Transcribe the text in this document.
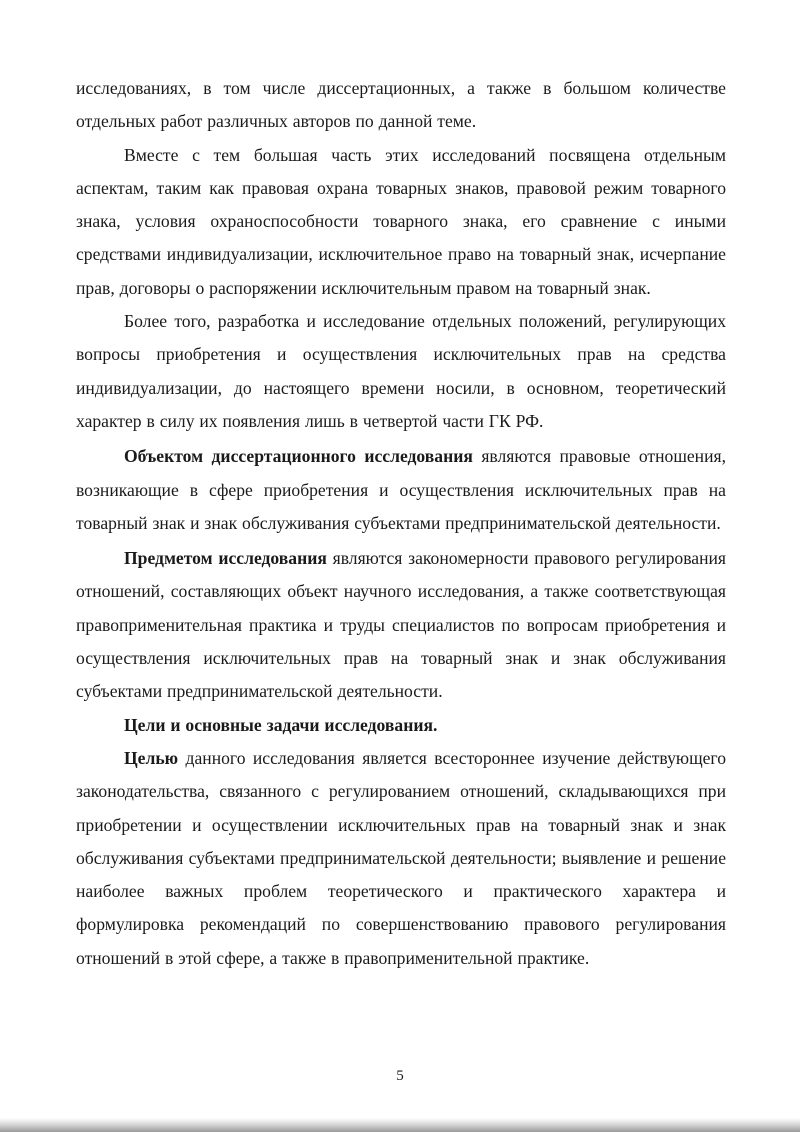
исследованиях, в том числе диссертационных, а также в большом количестве отдельных работ различных авторов по данной теме.

Вместе с тем большая часть этих исследований посвящена отдельным аспектам, таким как правовая охрана товарных знаков, правовой режим товарного знака, условия охраноспособности товарного знака, его сравнение с иными средствами индивидуализации, исключительное право на товарный знак, исчерпание прав, договоры о распоряжении исключительным правом на товарный знак.

Более того, разработка и исследование отдельных положений, регулирующих вопросы приобретения и осуществления исключительных прав на средства индивидуализации, до настоящего времени носили, в основном, теоретический характер в силу их появления лишь в четвертой части ГК РФ.

Объектом диссертационного исследования являются правовые отношения, возникающие в сфере приобретения и осуществления исключительных прав на товарный знак и знак обслуживания субъектами предпринимательской деятельности.

Предметом исследования являются закономерности правового регулирования отношений, составляющих объект научного исследования, а также соответствующая правоприменительная практика и труды специалистов по вопросам приобретения и осуществления исключительных прав на товарный знак и знак обслуживания субъектами предпринимательской деятельности.

Цели и основные задачи исследования.

Целью данного исследования является всестороннее изучение действующего законодательства, связанного с регулированием отношений, складывающихся при приобретении и осуществлении исключительных прав на товарный знак и знак обслуживания субъектами предпринимательской деятельности; выявление и решение наиболее важных проблем теоретического и практического характера и формулировка рекомендаций по совершенствованию правового регулирования отношений в этой сфере, а также в правоприменительной практике.

5
